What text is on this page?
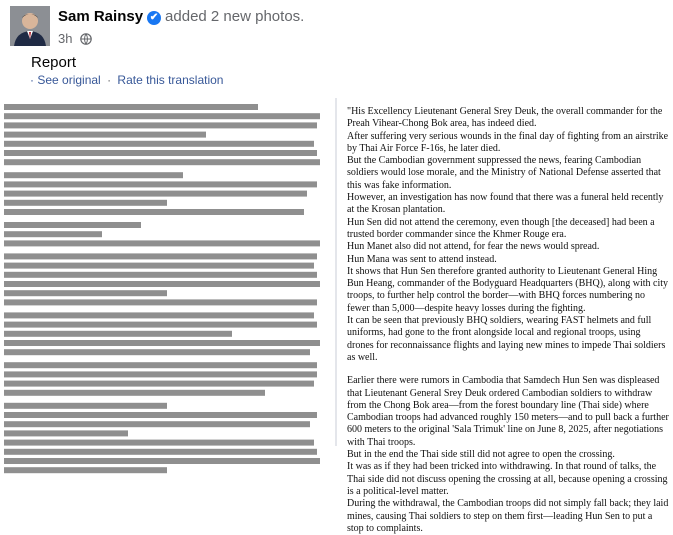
Sam Rainsy ✔ added 2 new photos.
3h
Report
· See original · Rate this translation

"His Excellency Lieutenant General Srey Deuk, the overall commander for the Preah Vihear-Chong Bok area, has indeed died.

After suffering very serious wounds in the final day of fighting from an airstrike by Thai Air Force F-16s, he later died.

But the Cambodian government suppressed the news, fearing Cambodian soldiers would lose morale, and the Ministry of National Defense asserted that this was fake information.

However, an investigation has now found that there was a funeral held recently at the Krosan plantation.

Hun Sen did not attend the ceremony, even though [the deceased] had been a trusted border commander since the Khmer Rouge era.

Hun Manet also did not attend, for fear the news would spread.

Hun Mana was sent to attend instead.

It shows that Hun Sen therefore granted authority to Lieutenant General Hing Bun Heang, commander of the Bodyguard Headquarters (BHQ), along with city troops, to further help control the border—with BHQ forces numbering no fewer than 5,000—despite heavy losses during the fighting.

It can be seen that previously BHQ soldiers, wearing FAST helmets and full uniforms, had gone to the front alongside local and regional troops, using drones for reconnaissance flights and laying new mines to impede Thai soldiers as well.

Earlier there were rumors in Cambodia that Samdech Hun Sen was displeased that Lieutenant General Srey Deuk ordered Cambodian soldiers to withdraw from the Chong Bok area—from the forest boundary line (Thai side) where Cambodian troops had advanced roughly 150 meters—and to pull back a further 600 meters to the original 'Sala Trimuk' line on June 8, 2025, after negotiations with Thai troops.

But in the end the Thai side still did not agree to open the crossing.

It was as if they had been tricked into withdrawing. In that round of talks, the Thai side did not discuss opening the crossing at all, because opening a crossing is a political-level matter.

During the withdrawal, the Cambodian troops did not simply fall back; they laid mines, causing Thai soldiers to step on them first—leading Hun Sen to put a stop to complaints.
